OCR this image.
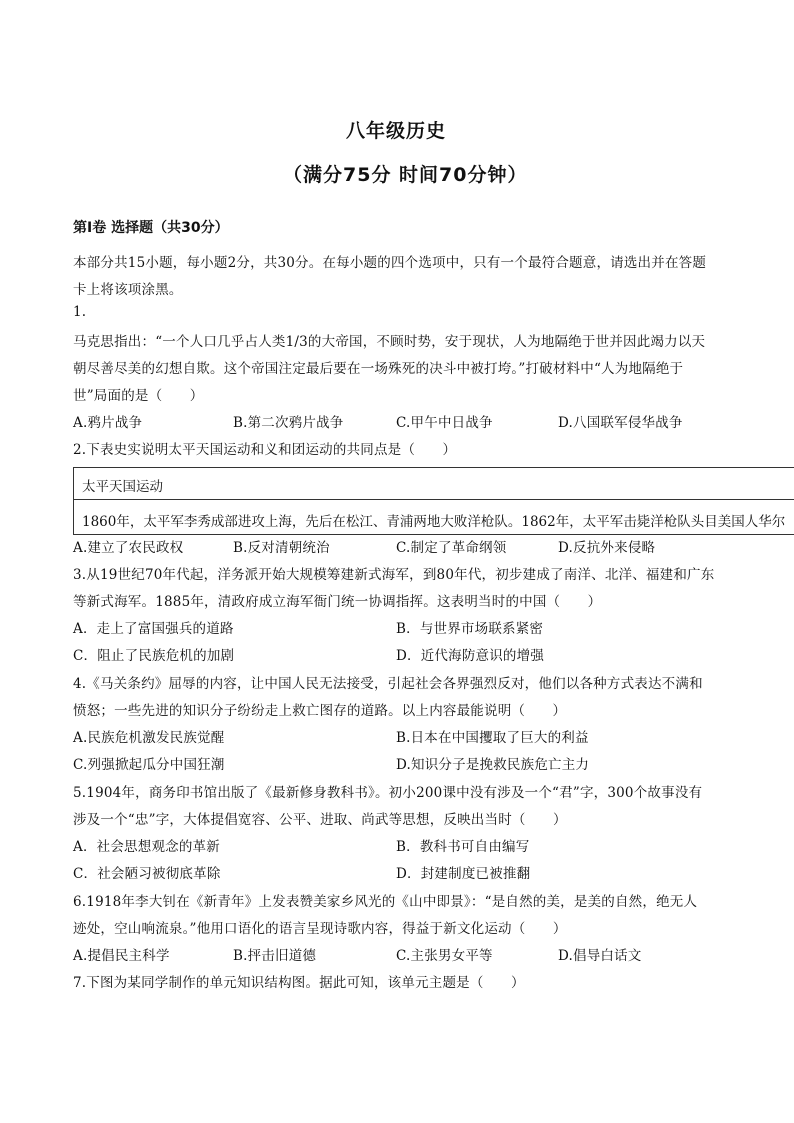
八年级历史
（满分75分 时间70分钟）
第Ⅰ卷 选择题（共30分）
本部分共15小题，每小题2分，共30分。在每小题的四个选项中，只有一个最符合题意，请选出并在答题
卡上将该项涂黑。
1.
马克思指出：“一个人口几乎占人类1/3的大帝国，不顾时势，安于现状，人为地隔绝于世并因此竭力以天
朝尽善尽美的幻想自欺。这个帝国注定最后要在一场殊死的决斗中被打垮。”打破材料中“人为地隔绝于
世”局面的是（　　）
A.鸦片战争	B.第二次鸦片战争	C.甲午中日战争	D.八国联军侵华战争
2.下表史实说明太平天国运动和义和团运动的共同点是（　　）
太平天国运动
1860年，太平军李秀成部进攻上海，先后在松江、青浦两地大败洋枪队。1862年，太平军击毙洋枪队头目美国人华尔
A.建立了农民政权	B.反对清朝统治	C.制定了革命纲领	D.反抗外来侵略
3.从19世纪70年代起，洋务派开始大规模筹建新式海军，到80年代，初步建成了南洋、北洋、福建和广东
等新式海军。1885年，清政府成立海军衙门统一协调指挥。这表明当时的中国（　　）
A．走上了富国强兵的道路	B．与世界市场联系紧密
C．阻止了民族危机的加剧	D．近代海防意识的增强
4.《马关条约》屈辱的内容，让中国人民无法接受，引起社会各界强烈反对，他们以各种方式表达不满和
愤怒；一些先进的知识分子纷纷走上救亡图存的道路。以上内容最能说明（　　）
A.民族危机激发民族觉醒	B.日本在中国攫取了巨大的利益
C.列强掀起瓜分中国狂潮	D.知识分子是挽救民族危亡主力
5.1904年，商务印书馆出版了《最新修身教科书》。初小200课中没有涉及一个“君”字，300个故事没有
涉及一个“忠”字，大体提倡宽容、公平、进取、尚武等思想，反映出当时（　　）
A．社会思想观念的革新	B．教科书可自由编写
C．社会陋习被彻底革除	D．封建制度已被推翻
6.1918年李大钊在《新青年》上发表赞美家乡风光的《山中即景》：“是自然的美，是美的自然，绝无人
迹处，空山响流泉。”他用口语化的语言呈现诗歌内容，得益于新文化运动（　　）
A.提倡民主科学	B.抨击旧道德	C.主张男女平等	D.倡导白话文
7.下图为某同学制作的单元知识结构图。据此可知，该单元主题是（　　）
